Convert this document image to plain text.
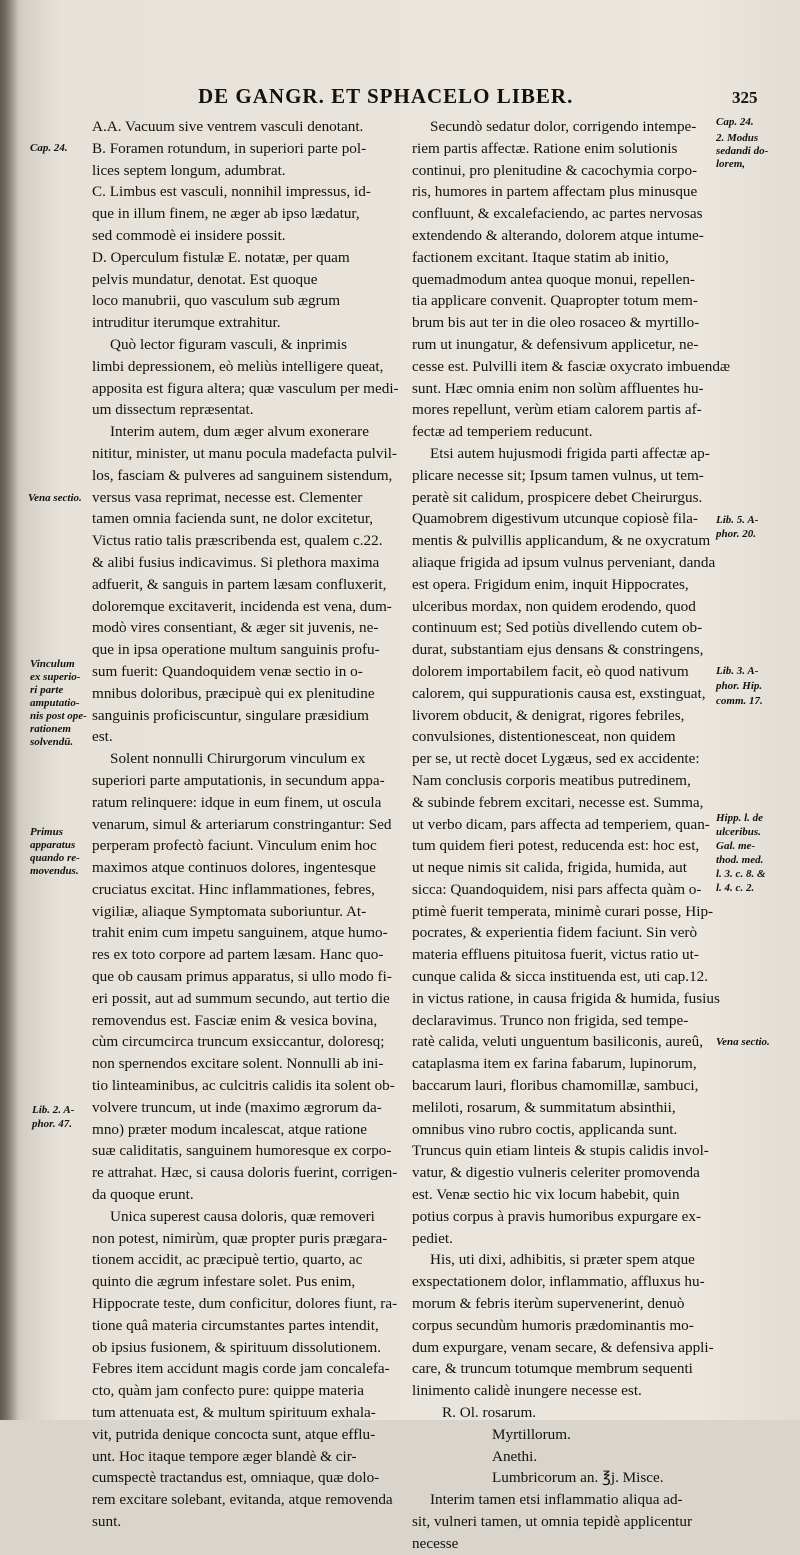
DE GANGR. ET SPHACELO LIBER.	325
A.A. Vacuum sive ventrem vasculi denotant.
B. Foramen rotundum, in superiori parte pol-
lices septem longum, adumbrat.
C. Limbus est vasculi, nonnihil impressus, id-
que in illum finem, ne æger ab ipso lædatur,
sed commodè ei insidere possit.
D. Operculum fistulæ E. notatæ, per quam
pelvis mundatur, denotat. Est quoque
loco manubrii, quo vasculum sub ægrum
intruditur iterumque extrahitur.
Quò lector figuram vasculi, & inprimis
limbi depressionem, eò meliùs intelligere queat,
apposita est figura altera; quæ vasculum per medi-
um dissectum repræsentat.
Interim autem, dum æger alvum exonerare
nititur, minister, ut manu pocula madefacta pulvil-
los, fasciam & pulveres ad sanguinem sistendum,
versus vasa reprimat, necesse est. Clementer
tamen omnia facienda sunt, ne dolor excitetur,
Victus ratio talis præscribenda est, qualem c.22.
& alibi fusius indicavimus. Si plethora maxima
adfuerit, & sanguis in partem læsam confluxerit,
doloremque excitaverit, incidenda est vena, dum-
modò vires consentiant, & æger sit juvenis, ne-
que in ipsa operatione multum sanguinis profu-
sum fuerit: Quandoquidem venæ sectio in o-
mnibus doloribus, præcipuè qui ex plenitudine
sanguinis proficiscuntur, singulare præsidium
est.
Solent nonnulli Chirurgorum vinculum ex
superiori parte amputationis, in secundum appa-
ratum relinquere: idque in eum finem, ut oscula
venarum, simul & arteriarum constringantur: Sed
perperam profectò faciunt. Vinculum enim hoc
maximos atque continuos dolores, ingentesque
cruciatus excitat. Hinc inflammationes, febres,
vigiliæ, aliaque Symptomata suboriuntur. At-
trahit enim cum impetu sanguinem, atque humo-
res ex toto corpore ad partem læsam. Hanc quo-
que ob causam primus apparatus, si ullo modo fi-
eri possit, aut ad summum secundo, aut tertio die
removendus est. Fasciæ enim & vesica bovina,
cùm circumcirca truncum exsiccantur, doloresq;
non spernendos excitare solent. Nonnulli ab ini-
tio linteaminibus, ac culcitris calidis ita solent ob-
volvere truncum, ut inde (maximo ægrorum da-
mno) præter modum incalescat, atque ratione
suæ caliditatis, sanguinem humoresque ex corpo-
re attrahat. Hæc, si causa doloris fuerint, corrigen-
da quoque erunt.
Unica superest causa doloris, quæ removeri
non potest, nimirùm, quæ propter puris prægara-
tionem accidit, ac præcipuè tertio, quarto, ac
quinto die ægrum infestare solet. Pus enim,
Hippocrate teste, dum conficitur, dolores fiunt, ra-
tione quâ materia circumstantes partes intendit,
ob ipsius fusionem, & spirituum dissolutionem.
Febres item accidunt magis corde jam concalefa-
cto, quàm jam confecto pure: quippe materia
tum attenuata est, & multum spirituum exhala-
vit, putrida denique concocta sunt, atque efflu-
unt. Hoc itaque tempore æger blandè & cir-
cumspectè tractandus est, omniaque, quæ dolo-
rem excitare solebant, evitanda, atque removenda
sunt.
Secundò sedatur dolor, corrigendo intempe-
riem partis affectæ. Ratione enim solutionis
continui, pro plenitudine & cacochymia corpo-
ris, humores in partem affectam plus minusque
confluunt, & excalefaciendo, ac partes nervosas
extendendo & alterando, dolorem atque intume-
factionem excitant. Itaque statim ab initio,
quemadmodum antea quoque monui, repellen-
tia applicare convenit. Quapropter totum mem-
brum bis aut ter in die oleo rosaceo & myrtillo-
rum ut inungatur, & defensivum applicetur, ne-
cesse est. Pulvilli item & fasciæ oxycrato imbuendæ
sunt. Hæc omnia enim non solùm affluentes hu-
mores repellunt, verùm etiam calorem partis af-
fectæ ad temperiem reducunt.
Etsi autem hujusmodi frigida parti affectæ ap-
plicare necesse sit; Ipsum tamen vulnus, ut tem-
peratè sit calidum, prospicere debet Cheirurgus.
Quamobrem digestivum utcunque copiosè fila-
mentis & pulvillis applicandum, & ne oxycratum
aliaque frigida ad ipsum vulnus perveniant, danda
est opera. Frigidum enim, inquit Hippocrates,
ulceribus mordax, non quidem erodendo, quod
continuum est; Sed potiùs divellendo cutem ob-
durat, substantiam ejus densans & constringens,
dolorem importabilem facit, eò quod nativum
calorem, qui suppurationis causa est, exstinguat,
livorem obducit, & denigrat, rigores febriles,
convulsiones, distentionesceat, non quidem
per se, ut rectè docet Lygæus, sed ex accidente:
Nam conclusis corporis meatibus putredinem,
& subinde febrem excitari, necesse est. Summa,
ut verbo dicam, pars affecta ad temperiem, quan-
tum quidem fieri potest, reducenda est: hoc est,
ut neque nimis sit calida, frigida, humida, aut
sicca: Quandoquidem, nisi pars affecta quàm o-
ptimè fuerit temperata, minimè curari posse, Hip-
pocrates, & experientia fidem faciunt. Sin verò
materia effluens pituitosa fuerit, victus ratio ut-
cunque calida & sicca instituenda est, uti cap.12.
in victus ratione, in causa frigida & humida, fusius
declaravimus. Trunco non frigida, sed tempe-
ratè calida, veluti unguentum basiliconis, aureû,
cataplasma item ex farina fabarum, lupinorum,
baccarum lauri, floribus chamomillæ, sambuci,
meliloti, rosarum, & summitatum absinthii,
omnibus vino rubro coctis, applicanda sunt.
Truncus quin etiam linteis & stupis calidis invol-
vatur, & digestio vulneris celeriter promovenda
est. Venæ sectio hic vix locum habebit, quin
potius corpus à pravis humoribus expurgare ex-
pediet.
His, uti dixi, adhibitis, si præter spem atque
exspectationem dolor, inflammatio, affluxus hu-
morum & febris iterùm supervenerint, denuò
corpus secundùm humoris prædominantis mo-
dum expurgare, venam secare, & defensiva appli-
care, & truncum totumque membrum sequenti
linimento calidè inungere necesse est.
R. Ol. rosarum.
Myrtillorum.
Anethi.
Lumbricorum an. ℥j. Misce.
Interim tamen etsi inflammatio aliqua ad-
sit, vulneri tamen, ut omnia tepidè applicentur
necesse
Cap. 24.
Vena sectio.
Vinculum
ex superio-
ri parte
amputatio-
nis post ope-
rationem
solvendū.
Primus
apparatus
quando re-
movendus.
Lib. 2. A-
phor. 47.
Cap. 24.
2. Modus
sedandi do-
lorem,
Lib. 5. A-
phor. 20.
Lib. 3. A-
phor. Hip.
comm. 17.
Hipp. l. de
ulceribus.
Gal. me-
thod. med.
l. 3. c. 8. &
l. 4. c. 2.
Vena sectio.
